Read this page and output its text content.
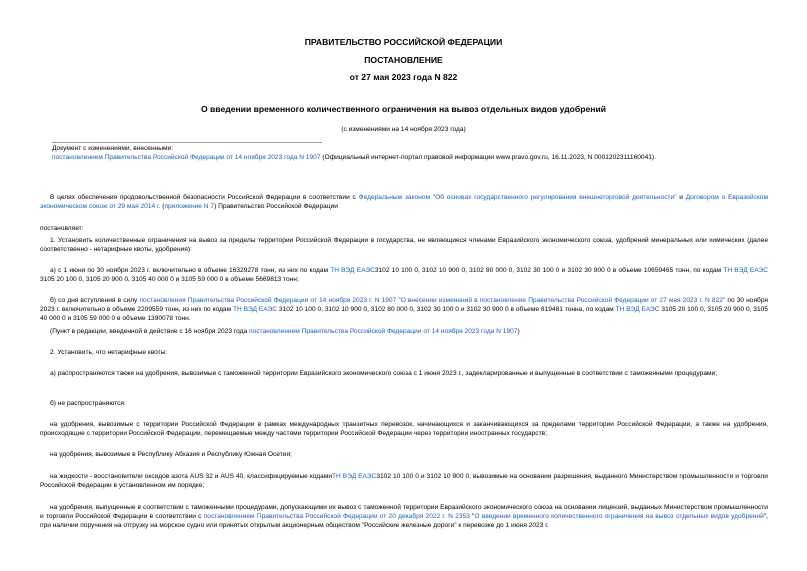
ПРАВИТЕЛЬСТВО РОССИЙСКОЙ ФЕДЕРАЦИИ
ПОСТАНОВЛЕНИЕ
от 27 мая 2023 года N 822
О введении временного количественного ограничения на вывоз отдельных видов удобрений
(с изменениями на 14 ноября 2023 года)
Документ с изменениями, внесенными:
постановлением Правительства Российской Федерации от 14 ноября 2023 года N 1907 (Официальный интернет-портал правовой информации www.pravo.gov.ru, 16.11.2023, N 0001202311160041).
В целях обеспечения продовольственной безопасности Российской Федерации в соответствии с Федеральным законом "Об основах государственного регулирования внешнеторговой деятельности" и Договором о Евразийском экономическом союзе от 29 мая 2014 г. (приложение N 7) Правительство Российской Федерации
постановляет:
1. Установить количественные ограничения на вывоз за пределы территории Российской Федерации в государства, не являющиеся членами Евразийского экономического союза, удобрений минеральных или химических (далее соответственно - нетарифные квоты, удобрения):
а) с 1 июня по 30 ноября 2023 г. включительно в объеме 16329278 тонн, из них по кодам ТН ВЭД ЕАЭС3102 10 100 0, 3102 10 900 0, 3102 80 000 0, 3102 30 100 0 и 3102 30 900 0 в объеме 10659465 тонн, по кодам ТН ВЭД ЕАЭС 3105 20 100 0, 3105 20 900 0, 3105 40 000 0 и 3105 59 000 0 в объеме 5669813 тонн;
б) со дня вступления в силу постановления Правительства Российской Федерации от 14 ноября 2023 г. N 1907 "О внесении изменений в постановление Правительства Российской Федерации от 27 мая 2023 г. N 822" по 30 ноября 2023 г. включительно в объеме 2209559 тонн, из них по кодам ТН ВЭД ЕАЭС 3102 10 100 0, 3102 10 900 0, 3102 80 000 0, 3102 30 100 0 и 3102 30 900 0 в объеме 819481 тонна, по кодам ТН ВЭД ЕАЭС 3105 20 100 0, 3105 20 900 0, 3105 40 000 0 и 3105 59 000 0 в объеме 1390078 тонн.
(Пункт в редакции, введенной в действие с 16 ноября 2023 года постановлением Правительства Российской Федерации от 14 ноября 2023 года N 1907)
2. Установить, что нетарифные квоты:
а) распространяются также на удобрения, вывозимые с таможенной территории Евразийского экономического союза с 1 июня 2023 г., задекларированные и выпущенные в соответствии с таможенными процедурами;
б) не распространяются:
на удобрения, вывозимые с территории Российской Федерации в рамках международных транзитных перевозок, начинающихся и заканчивающихся за пределами территории Российской Федерации, а также на удобрения, происходящие с территории Российской Федерации, перемещаемые между частями территории Российской Федерации через территории иностранных государств;
на удобрения, вывозимые в Республику Абхазия и Республику Южная Осетия;
на жидкости - восстановители оксидов азота AUS 32 и AUS 40, классифицируемые кодамиТН ВЭД ЕАЭС3102 10 100 0 и 3102 10 900 0, вывозимые на основании разрешения, выданного Министерством промышленности и торговли Российской Федерации в установленном им порядке;
на удобрения, выпущенные в соответствии с таможенными процедурами, допускающими их вывоз с таможенной территории Евразийского экономического союза на основании лицензий, выданных Министерством промышленности и торговли Российской Федерации в соответствии с постановлением Правительства Российской Федерации от 20 декабря 2022 г. N 2353 "О введении временного количественного ограничения на вывоз отдельных видов удобрений", при наличии поручения на отгрузку на морское судно или принятых открытым акционерным обществом "Российские железные дороги" к перевозке до 1 июня 2023 г.
